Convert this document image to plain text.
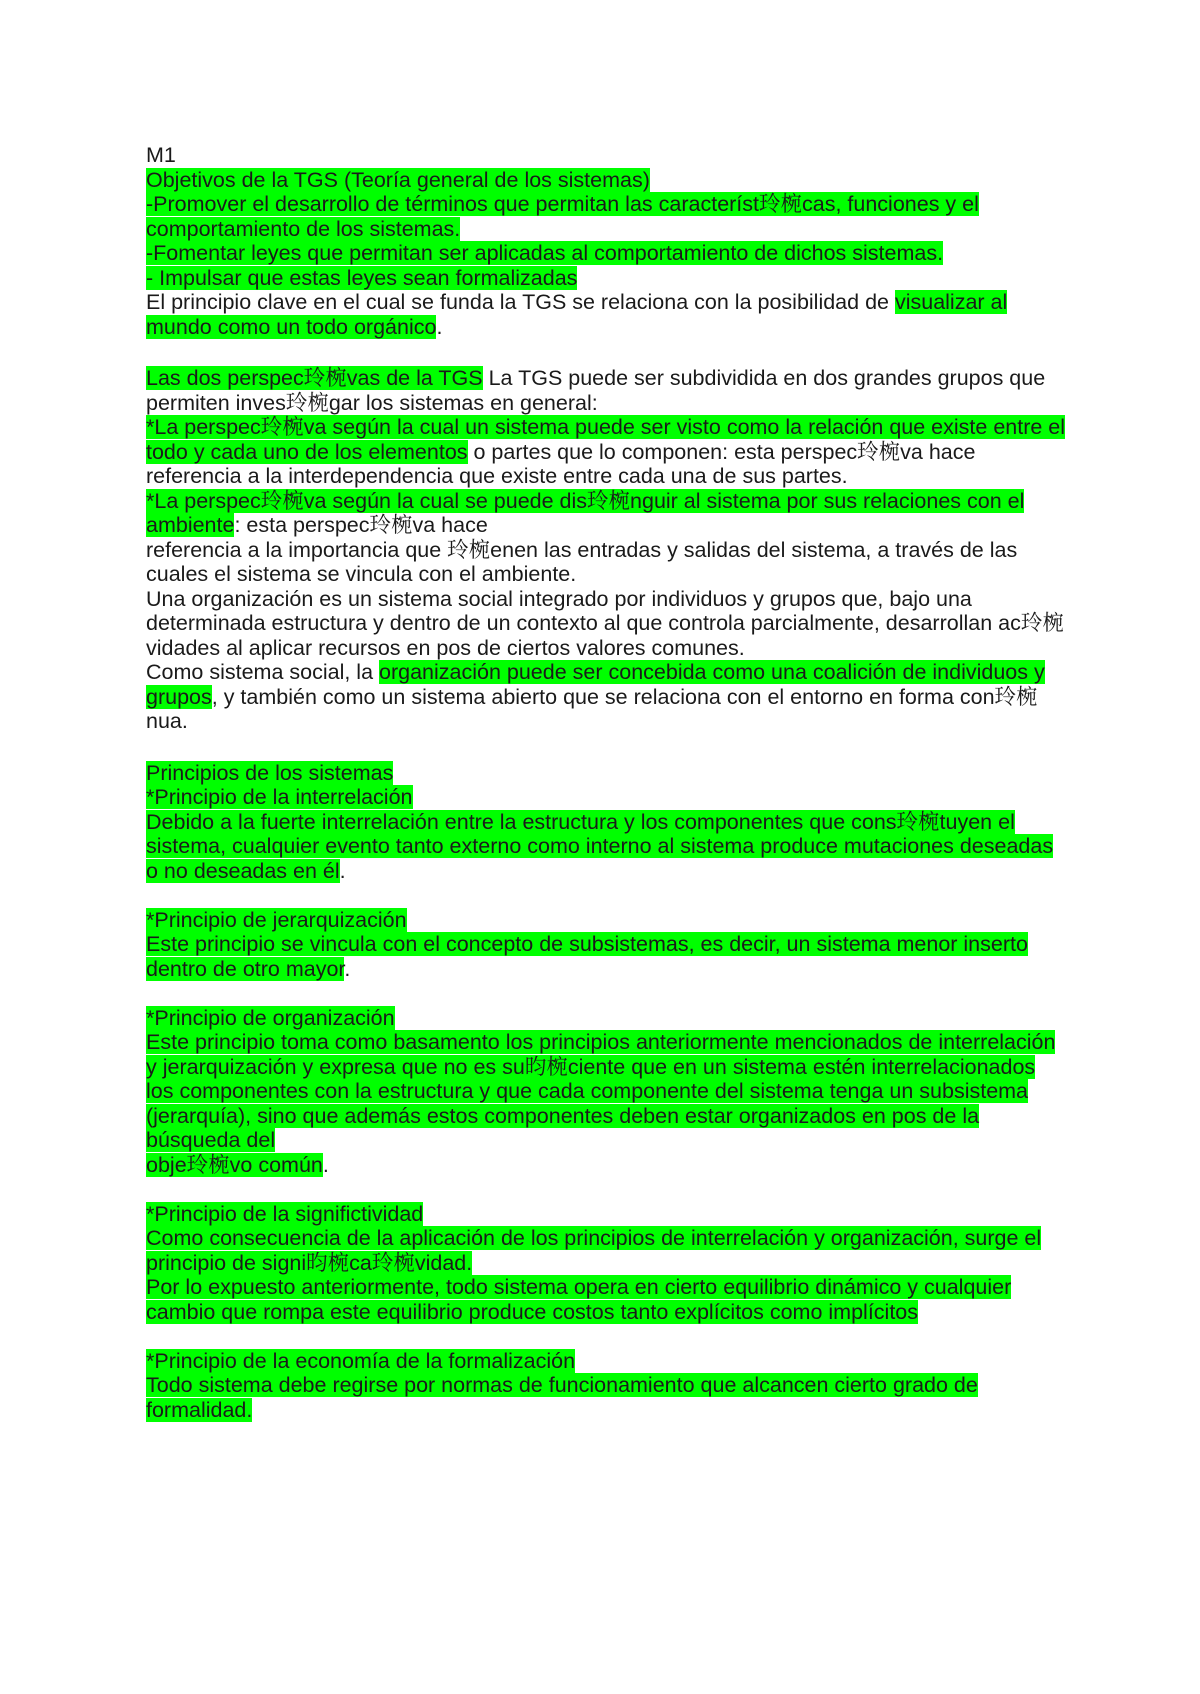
M1

Objetivos de la TGS (Teoría general de los sistemas)

-Promover el desarrollo de términos que permitan las característ玲椀cas, funciones y el comportamiento de los sistemas.

-Fomentar leyes que permitan ser aplicadas al comportamiento de dichos sistemas.

- Impulsar que estas leyes sean formalizadas

El principio clave en el cual se funda la TGS se relaciona con la posibilidad de visualizar al mundo como un todo orgánico.

Las dos perspec玲椀vas de la TGS La TGS puede ser subdividida en dos grandes grupos que permiten inves玲椀gar los sistemas en general:

*La perspec玲椀va según la cual un sistema puede ser visto como la relación que existe entre el todo y cada uno de los elementos o partes que lo componen: esta perspec玲椀va hace referencia a la interdependencia que existe entre cada una de sus partes.

*La perspec玲椀va según la cual se puede dis玲椀nguir al sistema por sus relaciones con el ambiente: esta perspec玲椀va hace

referencia a la importancia que 玲椀enen las entradas y salidas del sistema, a través de las cuales el sistema se vincula con el ambiente.

Una organización es un sistema social integrado por individuos y grupos que, bajo una determinada estructura y dentro de un contexto al que controla parcialmente, desarrollan ac玲椀vidades al aplicar recursos en pos de ciertos valores comunes.

Como sistema social, la organización puede ser concebida como una coalición de individuos y grupos, y también como un sistema abierto que se relaciona con el entorno en forma con玲椀nua.

Principios de los sistemas

*Principio de la interrelación

Debido a la fuerte interrelación entre la estructura y los componentes que cons玲椀tuyen el sistema, cualquier evento tanto externo como interno al sistema produce mutaciones deseadas o no deseadas en él.

*Principio de jerarquización

Este principio se vincula con el concepto de subsistemas, es decir, un sistema menor inserto dentro de otro mayor.

*Principio de organización

Este principio toma como basamento los principios anteriormente mencionados de interrelación y jerarquización y expresa que no es su昀椀ciente que en un sistema estén interrelacionados los componentes con la estructura y que cada componente del sistema tenga un subsistema (jerarquía), sino que además estos componentes deben estar organizados en pos de la búsqueda del

obje玲椀vo común.

*Principio de la significtividad

Como consecuencia de la aplicación de los principios de interrelación y organización, surge el principio de signi昀椀ca玲椀vidad.

Por lo expuesto anteriormente, todo sistema opera en cierto equilibrio dinámico y cualquier cambio que rompa este equilibrio produce costos tanto explícitos como implícitos

*Principio de la economía de la formalización

Todo sistema debe regirse por normas de funcionamiento que alcancen cierto grado de formalidad.
